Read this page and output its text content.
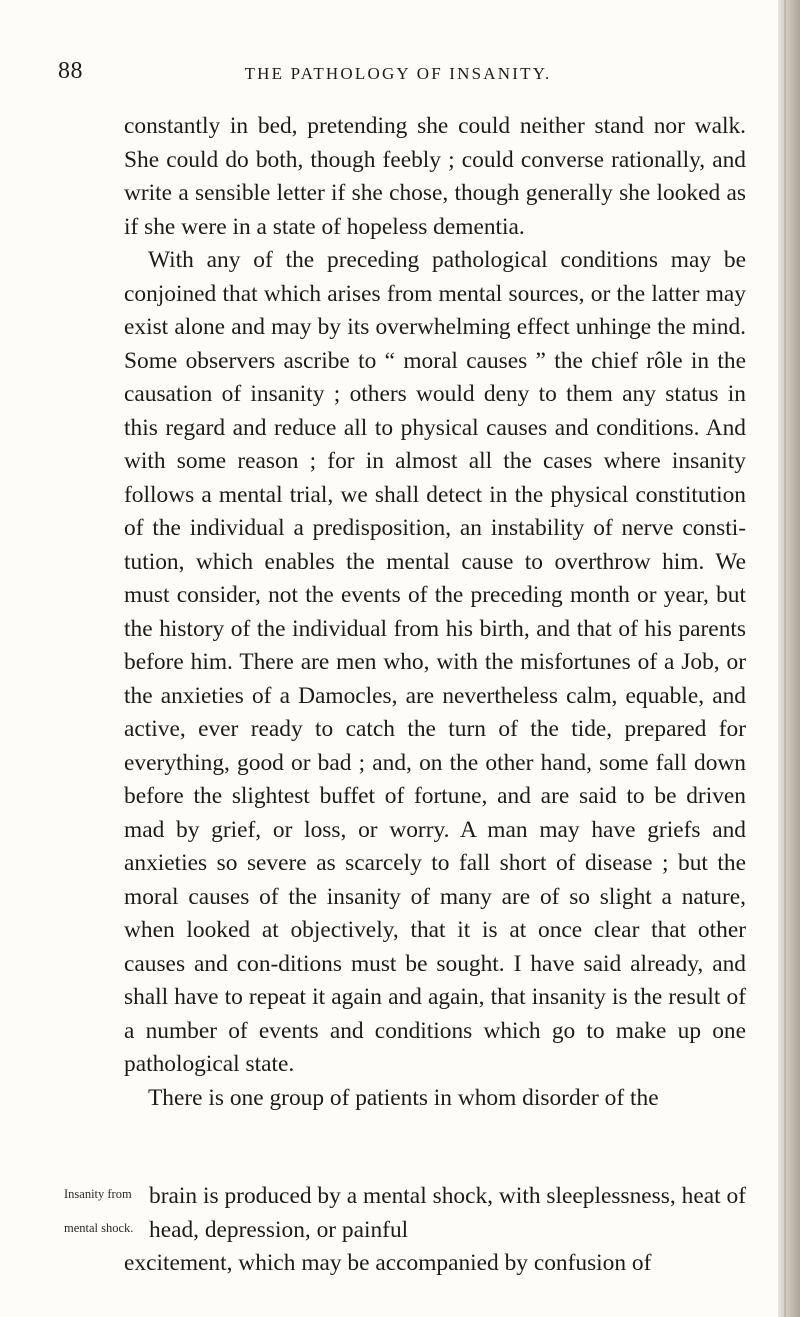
88	THE PATHOLOGY OF INSANITY.

constantly in bed, pretending she could neither stand nor walk. She could do both, though feebly ; could converse rationally, and write a sensible letter if she chose, though generally she looked as if she were in a state of hopeless dementia.

With any of the preceding pathological conditions may be conjoined that which arises from mental sources, or the latter may exist alone and may by its overwhelming effect unhinge the mind. Some observers ascribe to “ moral causes ” the chief rôle in the causation of insanity ; others would deny to them any status in this regard and reduce all to physical causes and conditions. And with some reason ; for in almost all the cases where insanity follows a mental trial, we shall detect in the physical constitution of the individual a predisposition, an instability of nerve consti-tution, which enables the mental cause to overthrow him. We must consider, not the events of the preceding month or year, but the history of the individual from his birth, and that of his parents before him. There are men who, with the misfortunes of a Job, or the anxieties of a Damocles, are nevertheless calm, equable, and active, ever ready to catch the turn of the tide, prepared for everything, good or bad ; and, on the other hand, some fall down before the slightest buffet of fortune, and are said to be driven mad by grief, or loss, or worry. A man may have griefs and anxieties so severe as scarcely to fall short of disease ; but the moral causes of the insanity of many are of so slight a nature, when looked at objectively, that it is at once clear that other causes and con-ditions must be sought. I have said already, and shall have to repeat it again and again, that insanity is the result of a number of events and conditions which go to make up one pathological state.

There is one group of patients in whom disorder of the

Insanity from
mental shock.
brain is produced by a mental shock, with sleeplessness, heat of head, depression, or painful
excitement, which may be accompanied by confusion of
